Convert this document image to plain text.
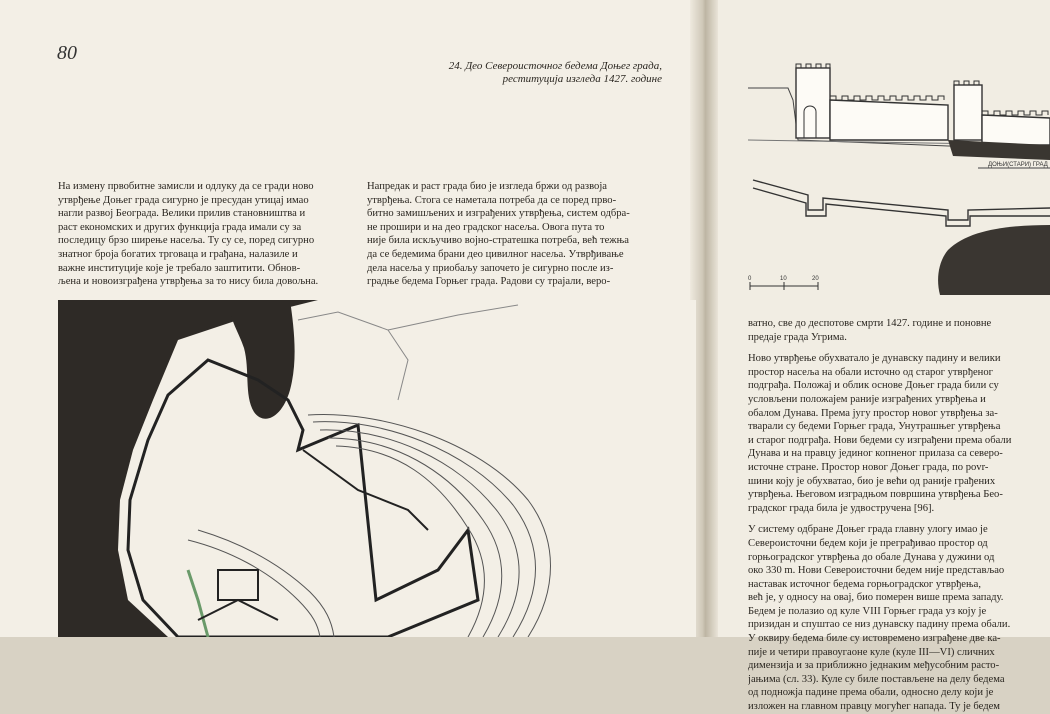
80
24. Део Североисточног бедема Доњег града,
реституција изгледа 1427. године
На измену првобитне замисли и одлуку да се гради ново
утврђење Доњег града сигурно је пресудан утицај имао
нагли развој Београда. Велики прилив становништва и
раст економских и других функција града имали су за
последицу брзо ширење насеља. Ту су се, поред сигурно
знатног броја богатих трговаца и грађана, налазиле и
важне институције које је требало заштитити. Обнов-
љена и новоизграђена утврђења за то нису била довољна.
Напредак и раст града био је изгледа бржи од развоја
утврђења. Стога се наметала потреба да се поред прво-
битно замишљених и изграђених утврђења, систем одбра-
не прошири и на део градског насеља. Овога пута то
није била искључиво војно-стратешка потреба, већ тежња
да се бедемима брани део цивилног насеља. Утврђивање
дела насеља у приобаљу започето је сигурно после из-
градње бедема Горњег града. Радови су трајали, веро-
ватно, све до деспотове смрти 1427. године и поновне
предаје града Угрима.
Ново утврђење обухватало је дунавску падину и велики
простор насеља на обали источно од старог утврђеног
подграђа. Положај и облик основе Доњег града били су
условљени положајем раније изграђених утврђења и
обалом Дунава. Према југу простор новог утврђења за-
тварали су бедеми Горњег града, Унутрашњег утврђења
и старог подграђа. Нови бедеми су изграђени према обали
Дунава и на правцу јединог копненог прилаза са северо-
источне стране. Простор новог Доњег града, по povr-
шини коју је обухватао, био је већи од раније грађених
утврђења. Његовом изградњом површина утврђења Бео-
градског града била је удвостручена [96].
У систему одбране Доњег града главну улогу имао је
Североисточни бедем који је преграђивао простор од
горњоградског утврђења до обале Дунава у дужини од
око 330 m. Нови Североисточни бедем није представљао
наставак источног бедема горњоградског утврђења,
већ је, у односу на овај, био померен више према западу.
Бедем је полазио од куле VIII Горњег града уз коју је
призидан и спуштао се низ дунавску падину према обали.
У оквиру бедема биле су истовремено изграђене две ка-
пије и четири правоугаоне куле (куле III—VI) сличних
димензија и за приближно једнаким међусобним расто-
јањима (сл. 33). Куле су биле постављене на делу бедема
од подножја падине према обали, односно делу који је
изложен на главном правцу могућег напада. Ту је бедем
ДОЊИ(СТАРИ) ГРАД
0	10	20
